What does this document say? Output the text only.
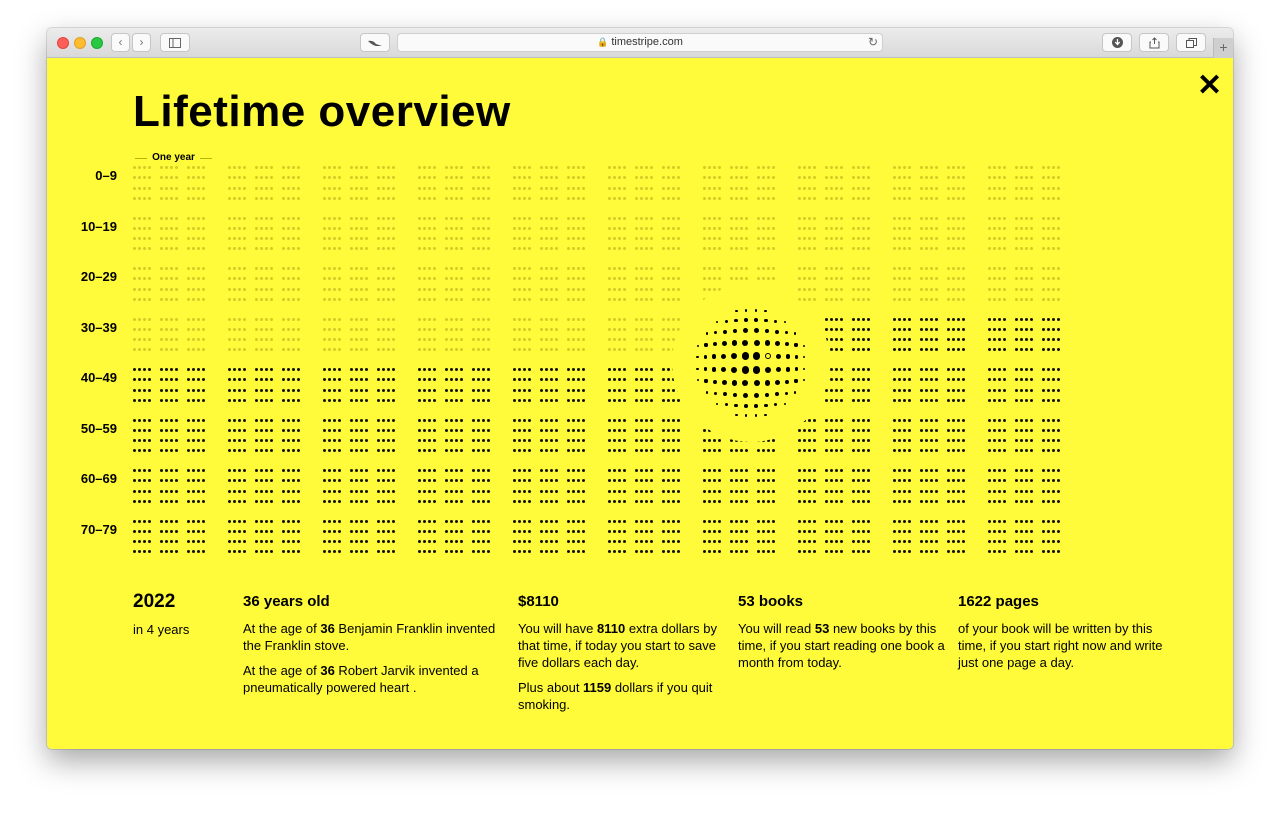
‹	›	🔒 timestripe.com	↻	+
✕
Lifetime overview
One year
0–9
10–19
20–29
30–39
40–49
50–59
60–69
70–79
2022

in 4 years

36 years old

At the age of 36 Benjamin Franklin invented the Franklin stove.

At the age of 36 Robert Jarvik invented a pneumatically powered heart .

$8110

You will have 8110 extra dollars by that time, if today you start to save five dollars each day.

Plus about 1159 dollars if you quit smoking.

53 books

You will read 53 new books by this time, if you start reading one book a month from today.

1622 pages

of your book will be written by this time, if you start right now and write just one page a day.
